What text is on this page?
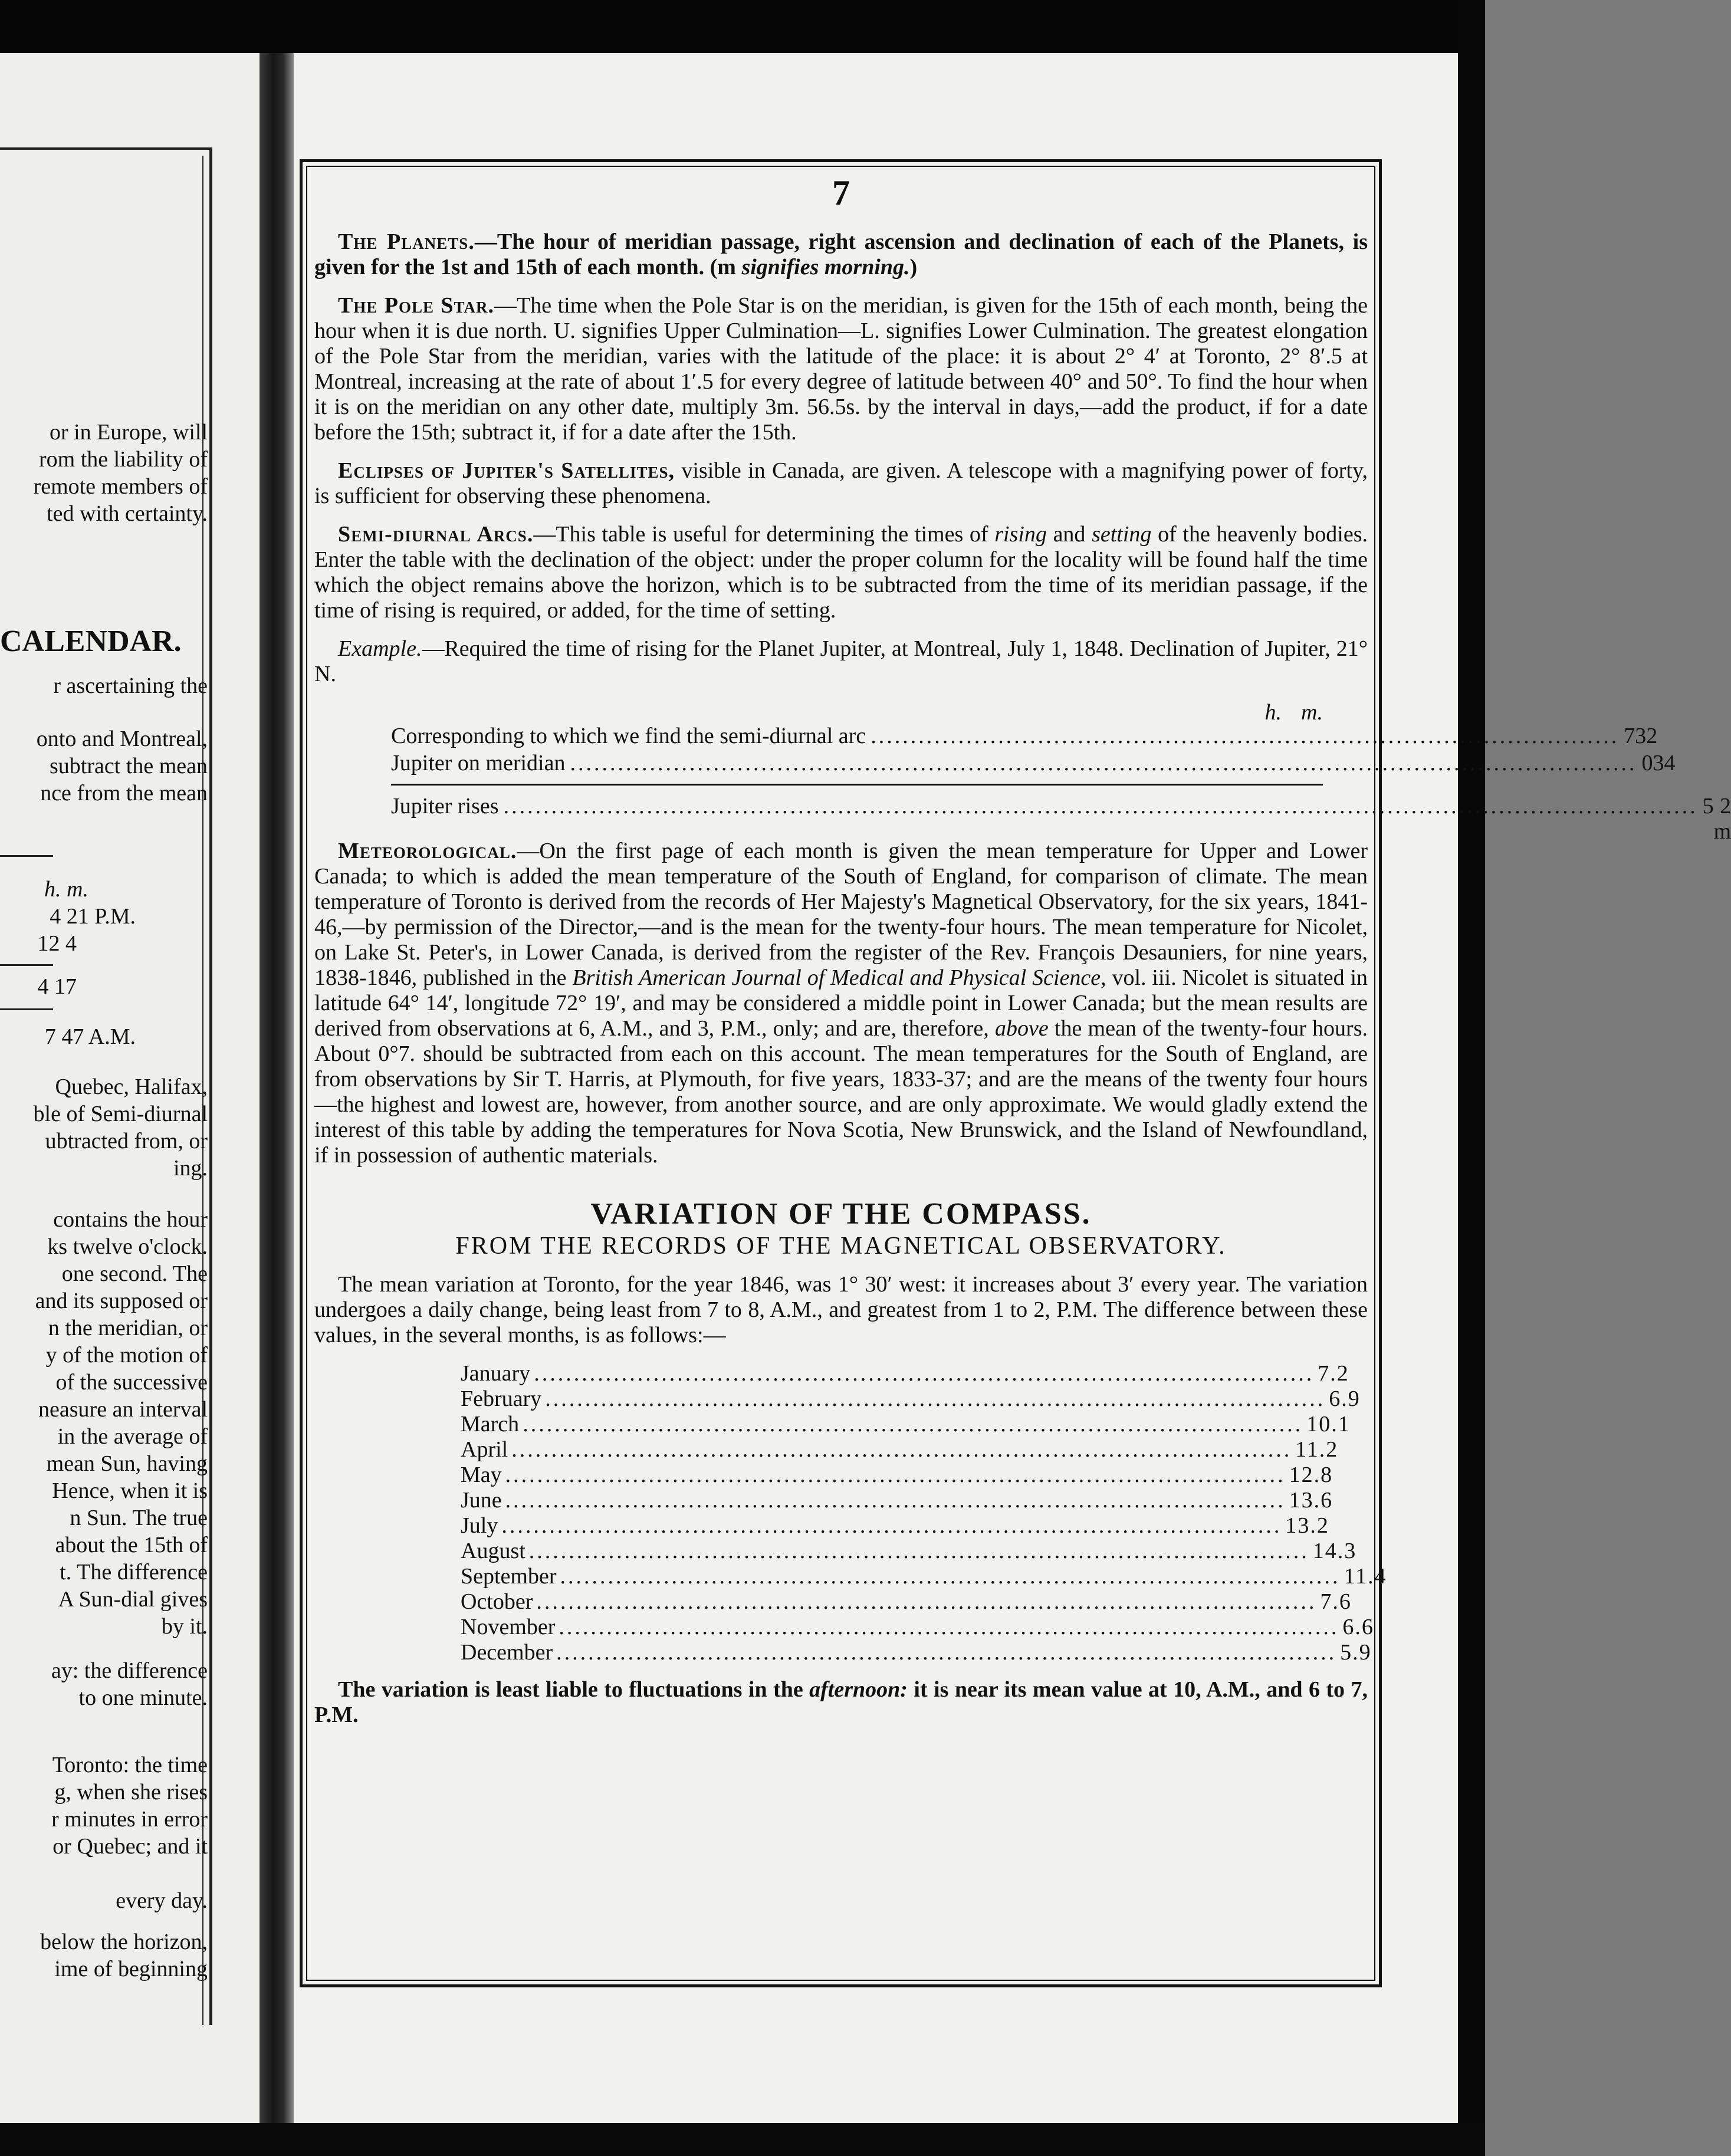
or in Europe, will
rom the liability of
remote members of
ted with certainty.
CALENDAR.
r ascertaining the
onto and Montreal,
subtract the mean
nce from the mean
h. m.
4 21 P.M.
12 4
4 17
7 47 A.M.
Quebec, Halifax,
ble of Semi-diurnal
ubtracted from, or
ing.
contains the hour
ks twelve o'clock.
one second. The
and its supposed or
n the meridian, or
y of the motion of
of the successive
neasure an interval
in the average of
mean Sun, having
Hence, when it is
n Sun. The true
about the 15th of
t. The difference
A Sun-dial gives
by it.
ay: the difference
to one minute.
Toronto: the time
g, when she rises
r minutes in error
or Quebec; and it
every day.
below the horizon,
ime of beginning
7

The Planets.—The hour of meridian passage, right ascension and declination of each of the Planets, is given for the 1st and 15th of each month. (m signifies morning.)

The Pole Star.—The time when the Pole Star is on the meridian, is given for the 15th of each month, being the hour when it is due north. U. signifies Upper Culmination—L. signifies Lower Culmination. The greatest elongation of the Pole Star from the meridian, varies with the latitude of the place: it is about 2° 4′ at Toronto, 2° 8′.5 at Montreal, increasing at the rate of about 1′.5 for every degree of latitude between 40° and 50°. To find the hour when it is on the meridian on any other date, multiply 3m. 56.5s. by the interval in days,—add the product, if for a date before the 15th; subtract it, if for a date after the 15th.

Eclipses of Jupiter's Satellites, visible in Canada, are given. A telescope with a magnifying power of forty, is sufficient for observing these phenomena.

Semi-diurnal Arcs.—This table is useful for determining the times of rising and setting of the heavenly bodies. Enter the table with the declination of the object: under the proper column for the locality will be found half the time which the object remains above the horizon, which is to be subtracted from the time of its meridian passage, if the time of rising is required, or added, for the time of setting.

Example.—Required the time of rising for the Planet Jupiter, at Montreal, July 1, 1848. Declination of Jupiter, 21° N.

h. m.
Corresponding to which we find the semi-diurnal arc .............................................................................................. 7 32
Jupiter on meridian ...................................................................................................................................... 0 34
Jupiter rises ...................................................................................................................................................... 5 2 m

Meteorological.—On the first page of each month is given the mean temperature for Upper and Lower Canada; to which is added the mean temperature of the South of England, for comparison of climate. The mean temperature of Toronto is derived from the records of Her Majesty's Magnetical Observatory, for the six years, 1841-46,—by permission of the Director,—and is the mean for the twenty-four hours. The mean temperature for Nicolet, on Lake St. Peter's, in Lower Canada, is derived from the register of the Rev. François Desauniers, for nine years, 1838-1846, published in the British American Journal of Medical and Physical Science, vol. iii. Nicolet is situated in latitude 64° 14′, longitude 72° 19′, and may be considered a middle point in Lower Canada; but the mean results are derived from observations at 6, A.M., and 3, P.M., only; and are, therefore, above the mean of the twenty-four hours. About 0°7. should be subtracted from each on this account. The mean temperatures for the South of England, are from observations by Sir T. Harris, at Plymouth, for five years, 1833-37; and are the means of the twenty four hours—the highest and lowest are, however, from another source, and are only approximate. We would gladly extend the interest of this table by adding the temperatures for Nova Scotia, New Brunswick, and the Island of Newfoundland, if in possession of authentic materials.

VARIATION OF THE COMPASS.
FROM THE RECORDS OF THE MAGNETICAL OBSERVATORY.

The mean variation at Toronto, for the year 1846, was 1° 30′ west: it increases about 3′ every year. The variation undergoes a daily change, being least from 7 to 8, A.M., and greatest from 1 to 2, P.M. The difference between these values, in the several months, is as follows:—

January .................................................................................................. 7.2
February .................................................................................................. 6.9
March .................................................................................................. 10.1
April .................................................................................................. 11.2
May .................................................................................................. 12.8
June .................................................................................................. 13.6
July .................................................................................................. 13.2
August .................................................................................................. 14.3
September .................................................................................................. 11.4
October .................................................................................................. 7.6
November .................................................................................................. 6.6
December .................................................................................................. 5.9

The variation is least liable to fluctuations in the afternoon: it is near its mean value at 10, A.M., and 6 to 7, P.M.
